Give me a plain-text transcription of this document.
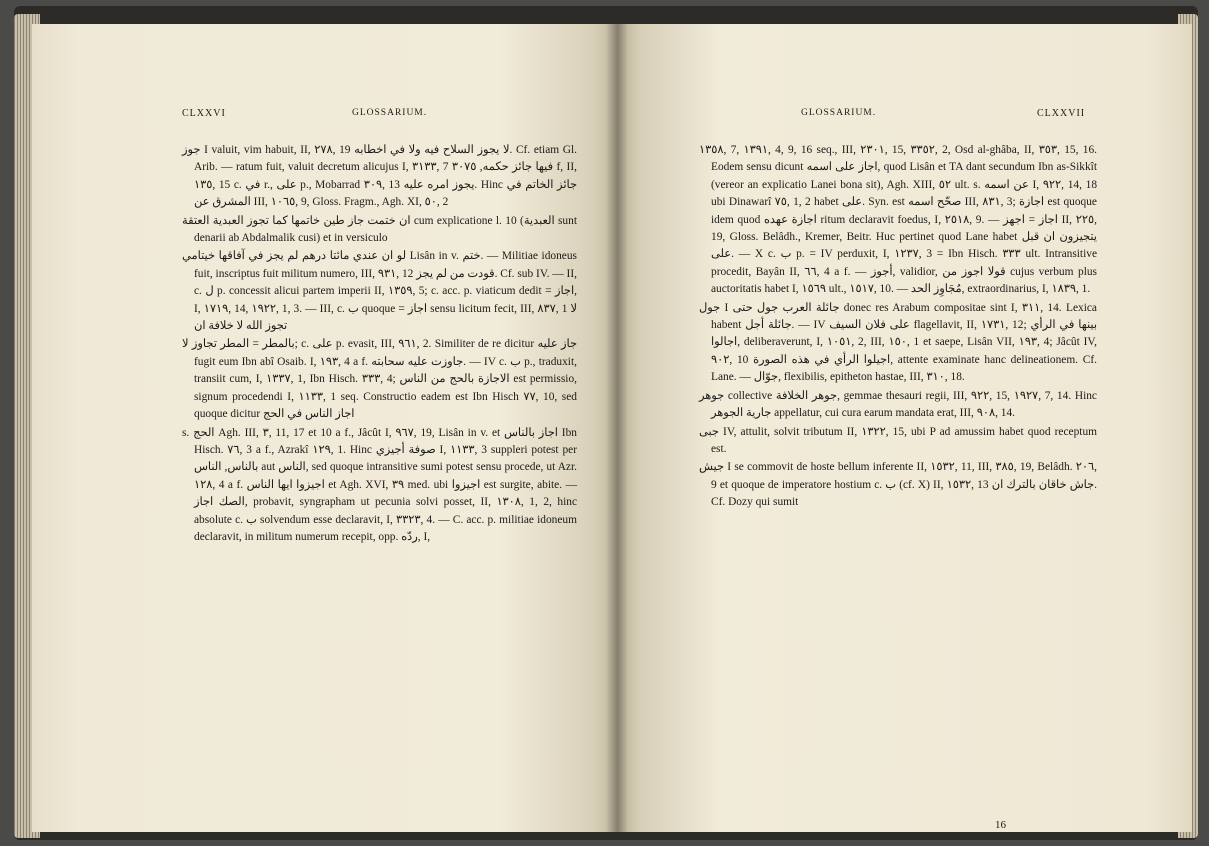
CLXXVI	GLOSSARIUM.

جوز I valuit, vim habuit, II, ٢٧٨, 19 لا يجوز السلاح فيه ولا في اخطابه. Cf. etiam Gl. Arib. — ratum fuit, valuit decretum alicujus I, ٣١٣٣, 7 فيها جائز حكمه, ٣٠٧٥ f, II, ١٣٥, 15 c. في r., على p., Mobarrad ٣٠٩, 13 يجوز امره عليه. Hinc جائز الخاتم في المشرق عن III, ١٠٦٥, 9, Gloss. Fragm., Agh. XI, ٥٠, 2

ان ختمت جاز طين خاتمها كما تجوز العبدية العتقة cum explicatione l. 10 (العبدية sunt denarii ab Abdalmalik cusi) et in versiculo

لو ان عندي مائتا درهم لم يجز في آفاقها خيتامي Lisân in v. ختم. — Militiae idoneus fuit, inscriptus fuit militum numero, III, ٩٣١, 12 قودت من لم يجز. Cf. sub IV. — II, c. ل p. concessit alicui partem imperii II, ١٣٥٩, 5; c. acc. p. viaticum dedit = اجاز, I, ١٧١٩, 14, ١٩٢٢, 1, 3. — III, c. ب quoque = اجاز sensu licitum fecit, III, ٨٣٧, 1 لا تجوز الله لا خلافة ان

بالمطر = المطر تجاوز لا; c. على p. evasit, III, ٩٦١, 2. Similiter de re dicitur جاز عليه fugit eum Ibn abî Osaib. I, ١٩٣, 4 a f. جاوزت عليه سحابته. — IV c. ب p., traduxit, transiit cum, I, ١٣٣٧, 1, Ibn Hisch. ٣٣٣, 4; الاجازة بالحج من الناس est permissio, signum procedendi I, ١١٣٣, 1 seq. Constructio eadem est Ibn Hisch ٧٧, 10, sed quoque dicitur اجاز الناس في الحج

s. الحج Agh. III, ٣, 11, 17 et 10 a f., Jâcût I, ٩٦٧, 19, Lisân in v. et اجاز بالناس Ibn Hisch. ٧٦, 3 a f., Azrakî ١٢٩, 1. Hinc صوفة أجيزي I, ١١٣٣, 3 suppleri potest per بالناس, الناس aut الناس, sed quoque intransitive sumi potest sensu procede, ut Azr. ١٢٨, 4 a f. اجيزوا ايها الناس et Agh. XVI, ٣٩ med. ubi اجيزوا est surgite, abite. — الصك اجاز, probavit, syngrapham ut pecunia solvi posset, II, ١٣٠٨, 1, 2, hinc absolute c. ب solvendum esse declaravit, I, ٣٣٢٣, 4. — C. acc. p. militiae idoneum declaravit, in militum numerum recepit, opp. ردّه, I,

GLOSSARIUM.	CLXXVII

١٣٥٨, 7, ١٣٩١, 4, 9, 16 seq., III, ٢٣٠١, 15, ٣٣٥٢, 2, Osd al-ghâba, II, ٣٥٣, 15, 16. Eodem sensu dicunt اجاز على اسمه, quod Lisân et TA dant secundum Ibn as-Sikkît (vereor an explicatio Lanei bona sit), Agh. XIII, ٥٢ ult. s. عن اسمه I, ٩٢٢, 14, 18 ubi Dinawarî ٧٥, 1, 2 habet على. Syn. est صحّح اسمه III, ٨٣١, 3; اجازة est quoque idem quod اجازة عهده ritum declaravit foedus, I, ٢٥١٨, 9. — اجاز = اجهز II, ٢٢٥, 19, Gloss. Belâdh., Kremer, Beitr. Huc pertinet quod Lane habet يتجيزون ان قبل على. — X c. ب p. = IV perduxit, I, ١٢٣٧, 3 = Ibn Hisch. ٣٣٣ ult. Intransitive procedit, Bayân II, ٦٦, 4 a f. — أجوز, validior, قولا اجوز من cujus verbum plus auctoritatis habet I, ١٥٦٩ ult., ١٥١٧, 10. — مُجَاوِز الحد, extraordinarius, I, ١٨٣٩, 1.

جول I جائلة العرب جول حتى donec res Arabum compositae sint I, ٣١١, 14. Lexica habent جائلة أجل. — IV على فلان السيف flagellavit, II, ١٧٣١, 12; بينها في الرأي اجالوا, deliberaverunt, I, ١٠٥١, 2, III, ١٥٠, 1 et saepe, Lisân VII, ١٩٣, 4; Jâcût IV, ٩٠٢, 10 اجيلوا الرأي في هذه الصورة, attente examinate hanc delineationem. Cf. Lane. — جوّال, flexibilis, epitheton hastae, III, ٣١٠, 18.

جوهر collective جوهر الخلافة, gemmae thesauri regii, III, ٩٢٢, 15, ١٩٢٧, 7, 14. Hinc جارية الجوهر appellatur, cui cura earum mandata erat, III, ٩٠٨, 14.

جبى IV, attulit, solvit tributum II, ١٣٢٢, 15, ubi P ad amussim habet quod receptum est.

جيش I se commovit de hoste bellum inferente II, ١٥٣٢, 11, III, ٣٨٥, 19, Belâdh. ٢٠٦, 9 et quoque de imperatore hostium c. ب (cf. X) II, ١٥٣٢, 13 جاش خاقان بالترك ان. Cf. Dozy qui sumit

16
